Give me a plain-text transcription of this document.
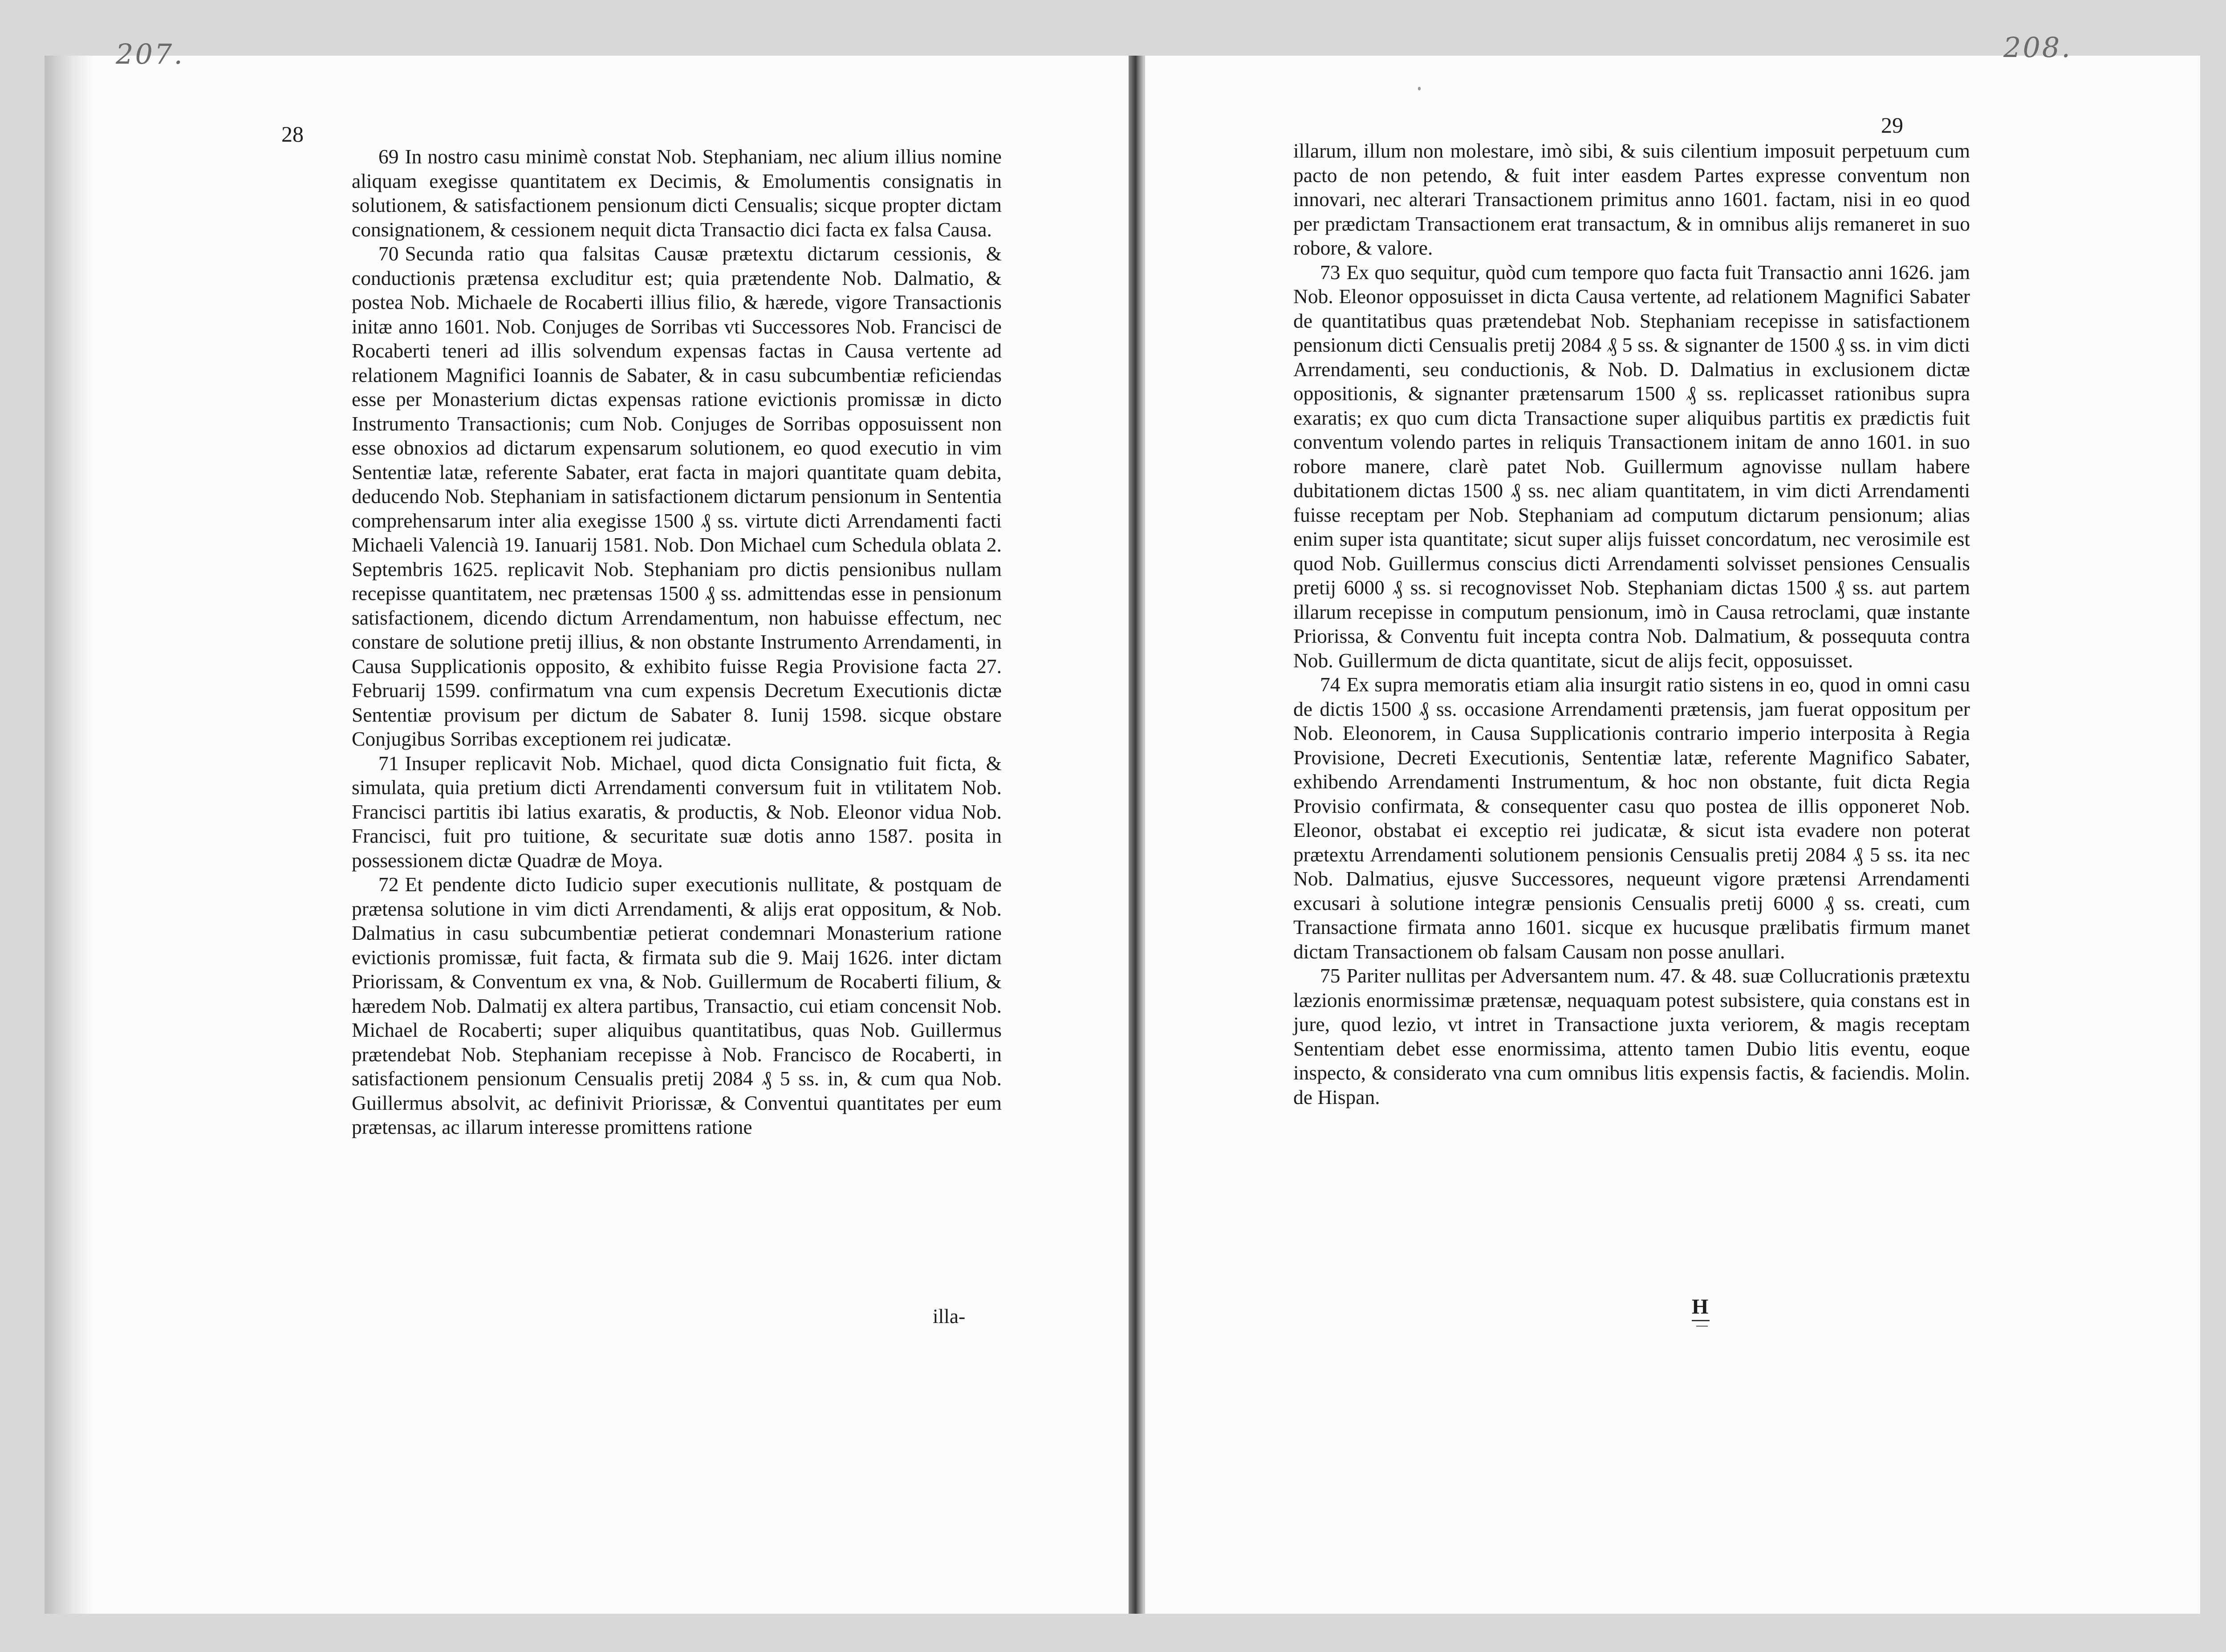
207.	208.
28	29

69 In nostro casu minimè constat Nob. Stephaniam, nec alium illius nomine aliquam exegisse quantitatem ex Decimis, & Emolumentis consignatis in solutionem, & satisfactionem pensionum dicti Censualis; sicque propter dictam consignationem, & cessionem nequit dicta Transactio dici facta ex falsa Causa.

70 Secunda ratio qua falsitas Causæ prætextu dictarum cessionis, & conductionis prætensa excluditur est; quia prætendente Nob. Dalmatio, & postea Nob. Michaele de Rocaberti illius filio, & hærede, vigore Transactionis initæ anno 1601. Nob. Conjuges de Sorribas vti Successores Nob. Francisci de Rocaberti teneri ad illis solvendum expensas factas in Causa vertente ad relationem Magnifici Ioannis de Sabater, & in casu subcumbentiæ reficiendas esse per Monasterium dictas expensas ratione evictionis promissæ in dicto Instrumento Transactionis; cum Nob. Conjuges de Sorribas opposuissent non esse obnoxios ad dictarum expensarum solutionem, eo quod executio in vim Sententiæ latæ, referente Sabater, erat facta in majori quantitate quam debita, deducendo Nob. Stephaniam in satisfactionem dictarum pensionum in Sententia comprehensarum inter alia exegisse 1500 ₰ ss. virtute dicti Arrendamenti facti Michaeli Valencià 19. Ianuarij 1581. Nob. Don Michael cum Schedula oblata 2. Septembris 1625. replicavit Nob. Stephaniam pro dictis pensionibus nullam recepisse quantitatem, nec prætensas 1500 ₰ ss. admittendas esse in pensionum satisfactionem, dicendo dictum Arrendamentum, non habuisse effectum, nec constare de solutione pretij illius, & non obstante Instrumento Arrendamenti, in Causa Supplicationis opposito, & exhibito fuisse Regia Provisione facta 27. Februarij 1599. confirmatum vna cum expensis Decretum Executionis dictæ Sententiæ provisum per dictum de Sabater 8. Iunij 1598. sicque obstare Conjugibus Sorribas exceptionem rei judicatæ.

71 Insuper replicavit Nob. Michael, quod dicta Consignatio fuit ficta, & simulata, quia pretium dicti Arrendamenti conversum fuit in vtilitatem Nob. Francisci partitis ibi latius exaratis, & productis, & Nob. Eleonor vidua Nob. Francisci, fuit pro tuitione, & securitate suæ dotis anno 1587. posita in possessionem dictæ Quadræ de Moya.

72 Et pendente dicto Iudicio super executionis nullitate, & postquam de prætensa solutione in vim dicti Arrendamenti, & alijs erat oppositum, & Nob. Dalmatius in casu subcumbentiæ petierat condemnari Monasterium ratione evictionis promissæ, fuit facta, & firmata sub die 9. Maij 1626. inter dictam Priorissam, & Conventum ex vna, & Nob. Guillermum de Rocaberti filium, & hæredem Nob. Dalmatij ex altera partibus, Transactio, cui etiam concensit Nob. Michael de Rocaberti; super aliquibus quantitatibus, quas Nob. Guillermus prætendebat Nob. Stephaniam recepisse à Nob. Francisco de Rocaberti, in satisfactionem pensionum Censualis pretij 2084 ₰ 5 ss. in, & cum qua Nob. Guillermus absolvit, ac definivit Priorissæ, & Conventui quantitates per eum prætensas, ac illarum interesse promittens ratione

illa-

illarum, illum non molestare, imò sibi, & suis cilentium imposuit perpetuum cum pacto de non petendo, & fuit inter easdem Partes expresse conventum non innovari, nec alterari Transactionem primitus anno 1601. factam, nisi in eo quod per prædictam Transactionem erat transactum, & in omnibus alijs remaneret in suo robore, & valore.

73 Ex quo sequitur, quòd cum tempore quo facta fuit Transactio anni 1626. jam Nob. Eleonor opposuisset in dicta Causa vertente, ad relationem Magnifici Sabater de quantitatibus quas prætendebat Nob. Stephaniam recepisse in satisfactionem pensionum dicti Censualis pretij 2084 ₰ 5 ss. & signanter de 1500 ₰ ss. in vim dicti Arrendamenti, seu conductionis, & Nob. D. Dalmatius in exclusionem dictæ oppositionis, & signanter prætensarum 1500 ₰ ss. replicasset rationibus supra exaratis; ex quo cum dicta Transactione super aliquibus partitis ex prædictis fuit conventum volendo partes in reliquis Transactionem initam de anno 1601. in suo robore manere, clarè patet Nob. Guillermum agnovisse nullam habere dubitationem dictas 1500 ₰ ss. nec aliam quantitatem, in vim dicti Arrendamenti fuisse receptam per Nob. Stephaniam ad computum dictarum pensionum; alias enim super ista quantitate; sicut super alijs fuisset concordatum, nec verosimile est quod Nob. Guillermus conscius dicti Arrendamenti solvisset pensiones Censualis pretij 6000 ₰ ss. si recognovisset Nob. Stephaniam dictas 1500 ₰ ss. aut partem illarum recepisse in computum pensionum, imò in Causa retroclami, quæ instante Priorissa, & Conventu fuit incepta contra Nob. Dalmatium, & possequuta contra Nob. Guillermum de dicta quantitate, sicut de alijs fecit, opposuisset.

74 Ex supra memoratis etiam alia insurgit ratio sistens in eo, quod in omni casu de dictis 1500 ₰ ss. occasione Arrendamenti prætensis, jam fuerat oppositum per Nob. Eleonorem, in Causa Supplicationis contrario imperio interposita à Regia Provisione, Decreti Executionis, Sententiæ latæ, referente Magnifico Sabater, exhibendo Arrendamenti Instrumentum, & hoc non obstante, fuit dicta Regia Provisio confirmata, & consequenter casu quo postea de illis opponeret Nob. Eleonor, obstabat ei exceptio rei judicatæ, & sicut ista evadere non poterat prætextu Arrendamenti solutionem pensionis Censualis pretij 2084 ₰ 5 ss. ita nec Nob. Dalmatius, ejusve Successores, nequeunt vigore prætensi Arrendamenti excusari à solutione integræ pensionis Censualis pretij 6000 ₰ ss. creati, cum Transactione firmata anno 1601. sicque ex hucusque prælibatis firmum manet dictam Transactionem ob falsam Causam non posse anullari.

75 Pariter nullitas per Adversantem num. 47. & 48. suæ Collucrationis prætextu læzionis enormissimæ prætensæ, nequaquam potest subsistere, quia constans est in jure, quod lezio, vt intret in Transactione juxta veriorem, & magis receptam Sententiam debet esse enormissima, attento tamen Dubio litis eventu, eoque inspecto, & considerato vna cum omnibus litis expensis factis, & faciendis. Molin. de Hispan.

H
